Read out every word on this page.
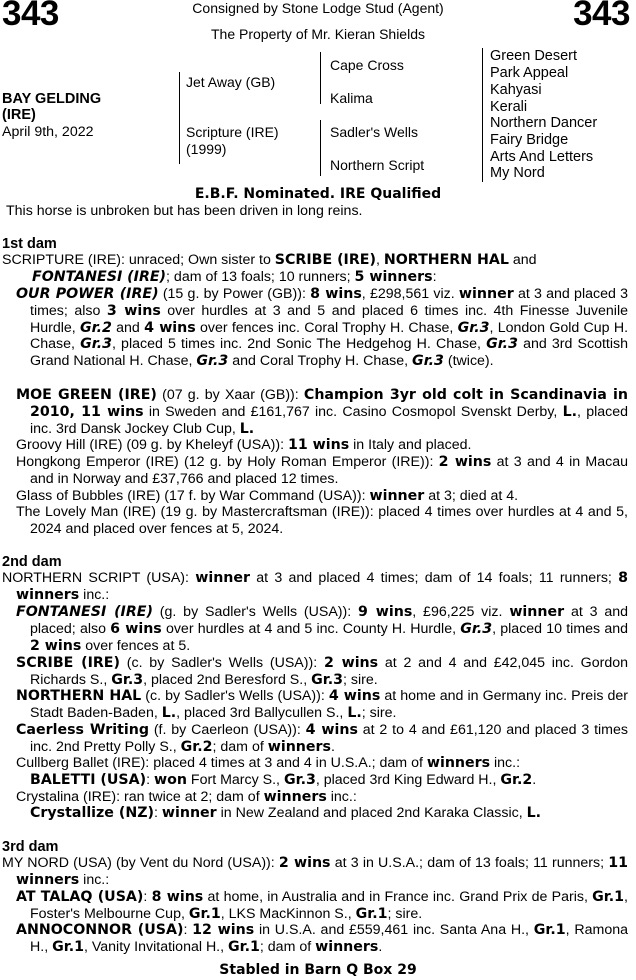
343	343
Consigned by Stone Lodge Stud (Agent)
The Property of Mr. Kieran Shields
BAY GELDING
(IRE)
April 9th, 2022
Jet Away (GB)
Scripture (IRE)
(1999)
Cape Cross
Kalima
Sadler's Wells
Northern Script
Green Desert
Park Appeal
Kahyasi
Kerali
Northern Dancer
Fairy Bridge
Arts And Letters
My Nord
E.B.F. Nominated. IRE Qualified
This horse is unbroken but has been driven in long reins.
1st dam
SCRIPTURE (IRE): unraced; Own sister to SCRIBE (IRE), NORTHERN HAL and
FONTANESI (IRE); dam of 13 foals; 10 runners; 5 winners:
OUR POWER (IRE) (15 g. by Power (GB)): 8 wins, £298,561 viz. winner at 3 and placed 3 times; also 3 wins over hurdles at 3 and 5 and placed 6 times inc. 4th Finesse Juvenile Hurdle, Gr.2 and 4 wins over fences inc. Coral Trophy H. Chase, Gr.3, London Gold Cup H. Chase, Gr.3, placed 5 times inc. 2nd Sonic The Hedgehog H. Chase, Gr.3 and 3rd Scottish Grand National H. Chase, Gr.3 and Coral Trophy H. Chase, Gr.3 (twice).
MOE GREEN (IRE) (07 g. by Xaar (GB)): Champion 3yr old colt in Scandinavia in 2010, 11 wins in Sweden and £161,767 inc. Casino Cosmopol Svenskt Derby, L., placed inc. 3rd Dansk Jockey Club Cup, L.
Groovy Hill (IRE) (09 g. by Kheleyf (USA)): 11 wins in Italy and placed.
Hongkong Emperor (IRE) (12 g. by Holy Roman Emperor (IRE)): 2 wins at 3 and 4 in Macau and in Norway and £37,766 and placed 12 times.
Glass of Bubbles (IRE) (17 f. by War Command (USA)): winner at 3; died at 4.
The Lovely Man (IRE) (19 g. by Mastercraftsman (IRE)): placed 4 times over hurdles at 4 and 5, 2024 and placed over fences at 5, 2024.
2nd dam
NORTHERN SCRIPT (USA): winner at 3 and placed 4 times; dam of 14 foals; 11 runners; 8 winners inc.:
FONTANESI (IRE) (g. by Sadler's Wells (USA)): 9 wins, £96,225 viz. winner at 3 and placed; also 6 wins over hurdles at 4 and 5 inc. County H. Hurdle, Gr.3, placed 10 times and 2 wins over fences at 5.
SCRIBE (IRE) (c. by Sadler's Wells (USA)): 2 wins at 2 and 4 and £42,045 inc. Gordon Richards S., Gr.3, placed 2nd Beresford S., Gr.3; sire.
NORTHERN HAL (c. by Sadler's Wells (USA)): 4 wins at home and in Germany inc. Preis der Stadt Baden-Baden, L., placed 3rd Ballycullen S., L.; sire.
Caerless Writing (f. by Caerleon (USA)): 4 wins at 2 to 4 and £61,120 and placed 3 times inc. 2nd Pretty Polly S., Gr.2; dam of winners.
Cullberg Ballet (IRE): placed 4 times at 3 and 4 in U.S.A.; dam of winners inc.:
BALETTI (USA): won Fort Marcy S., Gr.3, placed 3rd King Edward H., Gr.2.
Crystalina (IRE): ran twice at 2; dam of winners inc.:
Crystallize (NZ): winner in New Zealand and placed 2nd Karaka Classic, L.
3rd dam
MY NORD (USA) (by Vent du Nord (USA)): 2 wins at 3 in U.S.A.; dam of 13 foals; 11 runners; 11 winners inc.:
AT TALAQ (USA): 8 wins at home, in Australia and in France inc. Grand Prix de Paris, Gr.1, Foster's Melbourne Cup, Gr.1, LKS MacKinnon S., Gr.1; sire.
ANNOCONNOR (USA): 12 wins in U.S.A. and £559,461 inc. Santa Ana H., Gr.1, Ramona H., Gr.1, Vanity Invitational H., Gr.1; dam of winners.
Stabled in Barn Q Box 29
